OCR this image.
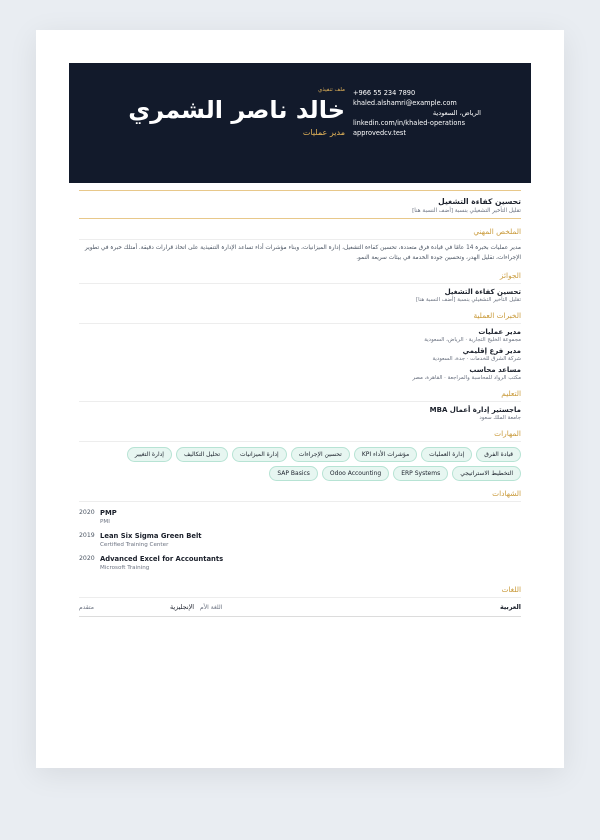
ملف تنفيذي
خالد ناصر الشمري
مدير عمليات
+966 55 234 7890
khaled.alshamri@example.com
الرياض، السعودية
linkedin.com/in/khaled-operations
approvedcv.test
تحسين كفاءة التشغيل
تقليل التأخير التشغيلي بنسبة [أضف النسبة هنا]
الملخص المهني
مدير عمليات بخبرة 14 عامًا في قيادة فرق متعددة، تحسين كفاءة التشغيل، إدارة الميزانيات، وبناء مؤشرات أداء تساعد الإدارة التنفيذية على اتخاذ قرارات دقيقة. أمتلك خبرة في تطوير الإجراءات، تقليل الهدر، وتحسين جودة الخدمة في بيئات سريعة النمو.
الجوائز
تحسين كفاءة التشغيل
تقليل التأخير التشغيلي بنسبة [أضف النسبة هنا]
الخبرات العملية
مدير عمليات
مجموعة الخليج التجارية · الرياض، السعودية
مدير فرع إقليمي
شركة الشرق للخدمات · جدة، السعودية
مساعد محاسب
مكتب الرواد للمحاسبة والمراجعة · القاهرة، مصر
التعليم
ماجستير إدارة أعمال MBA
جامعة الملك سعود
المهارات
قيادة الفرق
إدارة العمليات
مؤشرات الأداء KPI
تحسين الإجراءات
إدارة الميزانيات
تحليل التكاليف
إدارة التغيير
التخطيط الاستراتيجي
ERP Systems
Odoo Accounting
SAP Basics
الشهادات
2020 PMP
PMI
2019 Lean Six Sigma Green Belt
Certified Training Center
2020 Advanced Excel for Accountants
Microsoft Training
اللغات
متقدم	الإنجليزية اللغة الأم	العربية
